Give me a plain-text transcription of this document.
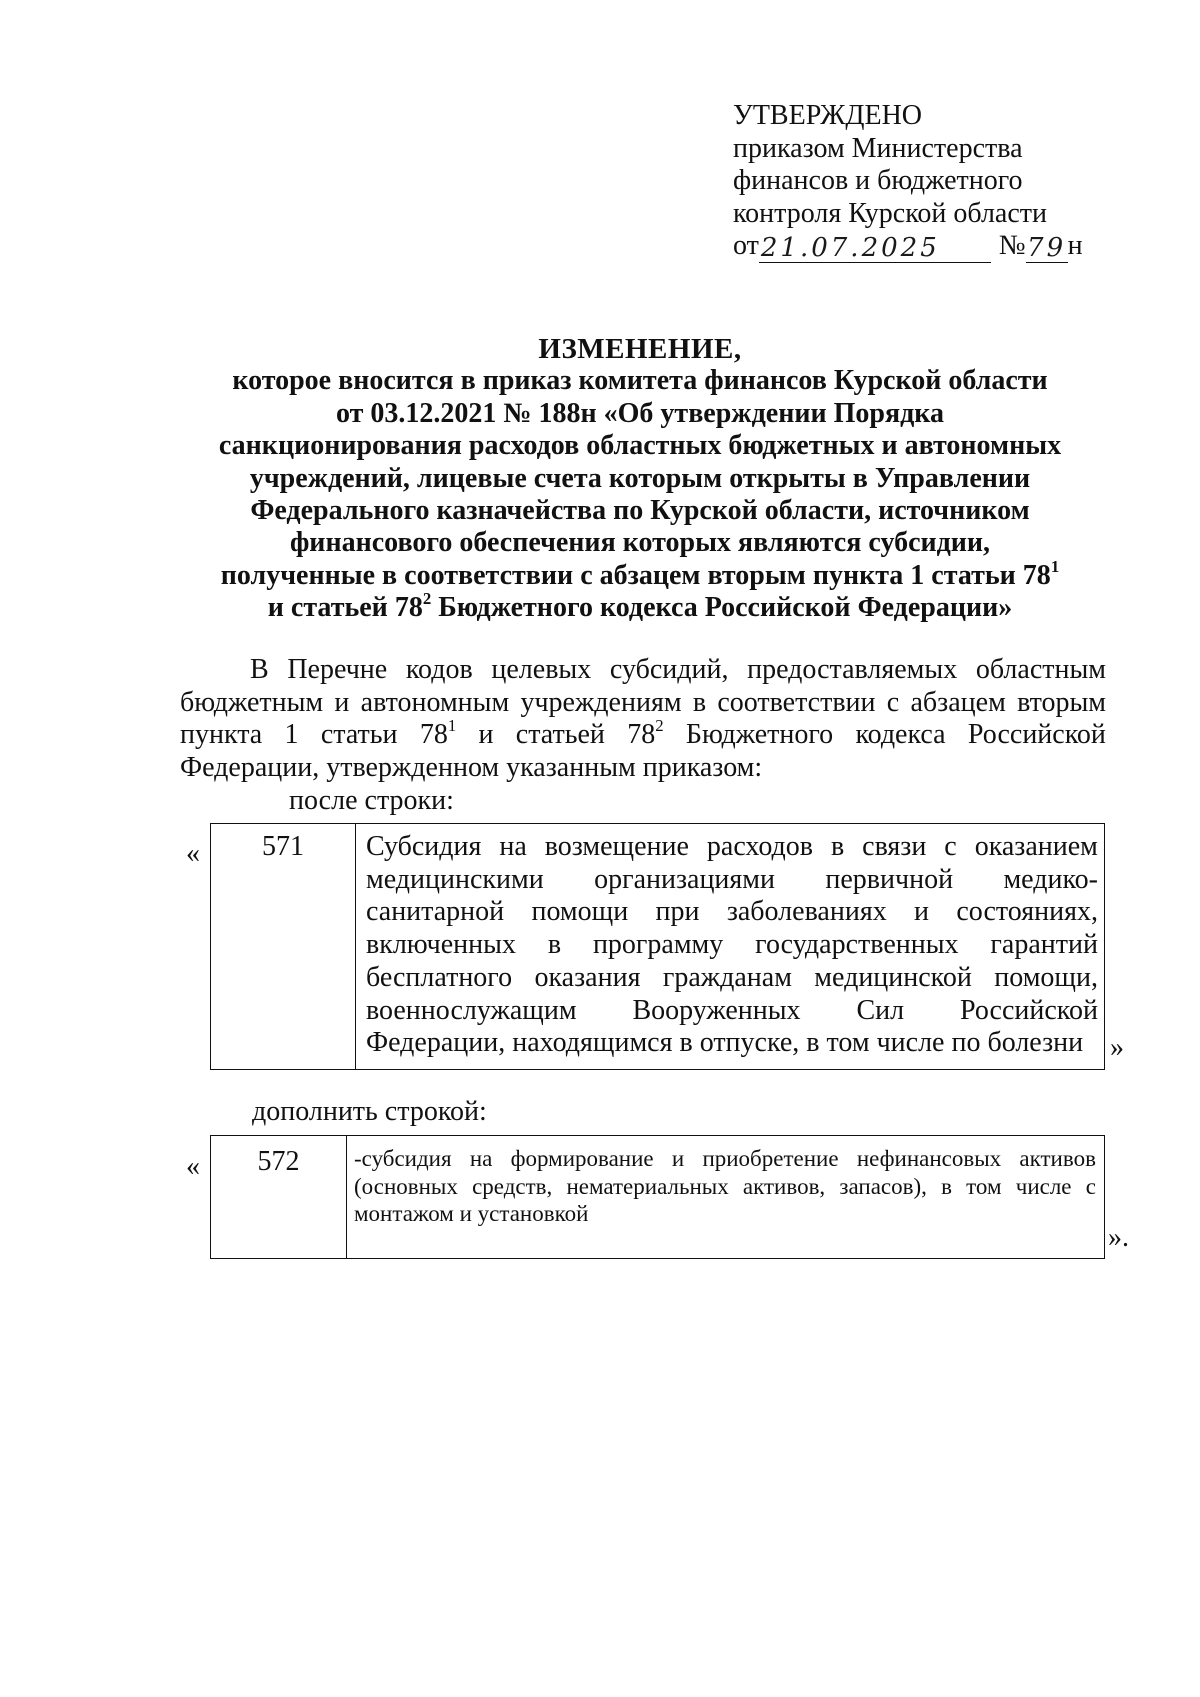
УТВЕРЖДЕНО
приказом Министерства
финансов и бюджетного
контроля Курской области
от 21.07.2025	№ 79 н
ИЗМЕНЕНИЕ,
которое вносится в приказ комитета финансов Курской области
от 03.12.2021 № 188н «Об утверждении Порядка
санкционирования расходов областных бюджетных и автономных
учреждений, лицевые счета которым открыты в Управлении
Федерального казначейства по Курской области, источником
финансового обеспечения которых являются субсидии,
полученные в соответствии с абзацем вторым пункта 1 статьи $78^1$
и статьей $78^2$ Бюджетного кодекса Российской Федерации»
В Перечне кодов целевых субсидий, предоставляемых областным
бюджетным и автономным учреждениям в соответствии с абзацем вторым
пункта 1 статьи $78^1$ и статьей $78^2$ Бюджетного кодекса Российской
Федерации, утвержденном указанным приказом:
после строки:
«	571	Субсидия на возмещение расходов в связи с оказанием
медицинскими организациями первичной медико-
санитарной помощи при заболеваниях и состояниях,
включенных в программу государственных гарантий
бесплатного оказания гражданам медицинской помощи,
военнослужащим Вооруженных Сил Российской
Федерации, находящимся в отпуске, в том числе по болезни »
дополнить строкой:
«	572	-субсидия на формирование и приобретение нефинансовых активов
(основных средств, нематериальных активов, запасов), в том числе с
монтажом и установкой
».
